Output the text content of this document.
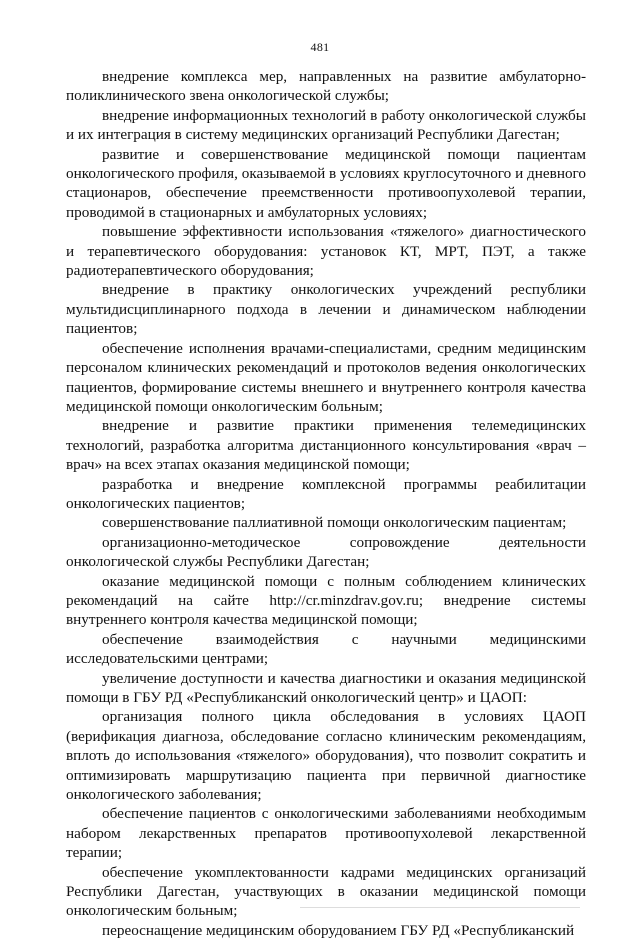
481

внедрение комплекса мер, направленных на развитие амбулаторно-поликлинического звена онкологической службы;

внедрение информационных технологий в работу онкологической службы и их интеграция в систему медицинских организаций Республики Дагестан;

развитие и совершенствование медицинской помощи пациентам онкологического профиля, оказываемой в условиях круглосуточного и дневного стационаров, обеспечение преемственности противоопухолевой терапии, проводимой в стационарных и амбулаторных условиях;

повышение эффективности использования «тяжелого» диагностического и терапевтического оборудования: установок КТ, МРТ, ПЭТ, а также радиотерапевтического оборудования;

внедрение в практику онкологических учреждений республики мультидисциплинарного подхода в лечении и динамическом наблюдении пациентов;

обеспечение исполнения врачами-специалистами, средним медицинским персоналом клинических рекомендаций и протоколов ведения онкологических пациентов, формирование системы внешнего и внутреннего контроля качества медицинской помощи онкологическим больным;

внедрение и развитие практики применения телемедицинских технологий, разработка алгоритма дистанционного консультирования «врач – врач» на всех этапах оказания медицинской помощи;

разработка и внедрение комплексной программы реабилитации онкологических пациентов;

совершенствование паллиативной помощи онкологическим пациентам;

организационно-методическое сопровождение деятельности онкологической службы Республики Дагестан;

оказание медицинской помощи с полным соблюдением клинических рекомендаций на сайте http://cr.minzdrav.gov.ru; внедрение системы внутреннего контроля качества медицинской помощи;

обеспечение взаимодействия с научными медицинскими исследовательскими центрами;

увеличение доступности и качества диагностики и оказания медицинской помощи в ГБУ РД «Республиканский онкологический центр» и ЦАОП:

организация полного цикла обследования в условиях ЦАОП (верификация диагноза, обследование согласно клиническим рекомендациям, вплоть до использования «тяжелого» оборудования), что позволит сократить и оптимизировать маршрутизацию пациента при первичной диагностике онкологического заболевания;

обеспечение пациентов с онкологическими заболеваниями необходимым набором лекарственных препаратов противоопухолевой лекарственной терапии;

обеспечение укомплектованности кадрами медицинских организаций Республики Дагестан, участвующих в оказании медицинской помощи онкологическим больным;

переоснащение медицинским оборудованием ГБУ РД «Республиканский
